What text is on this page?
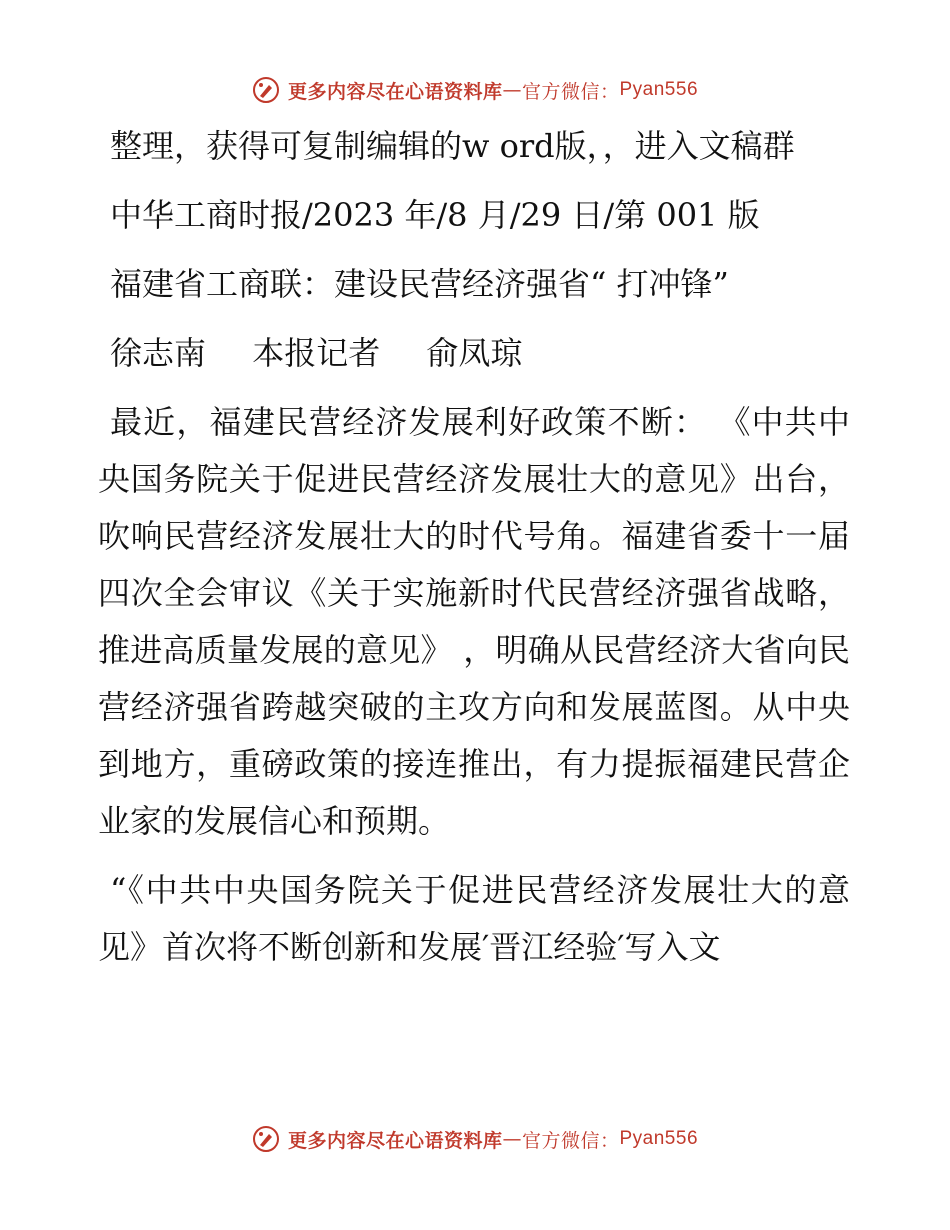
更多内容尽在心语资料库 — 官方微信： Pyan556

整理，获得可复制编辑的w ord版，，进入文稿群

中华工商时报/2023 年/8 月/29 日/第 001 版

福建省工商联：建设民营经济强省“ 打冲锋”

徐志南 本报记者 俞凤琼

最近，福建民营经济发展利好政策不断： 《中共中央国务院关于促进民营经济发展壮大的意见》出台，吹响民营经济发展壮大的时代号角。福建省委十一届四次全会审议《关于实施新时代民营经济强省战略，推进高质量发展的意见》 ，明确从民营经济大省向民营经济强省跨越突破的主攻方向和发展蓝图。从中央到地方，重磅政策的接连推出，有力提振福建民营企业家的发展信心和预期。

“《中共中央国务院关于促进民营经济发展壮大的意见》首次将不断创新和发展′晋江经验′写入文

更多内容尽在心语资料库 — 官方微信： Pyan556
